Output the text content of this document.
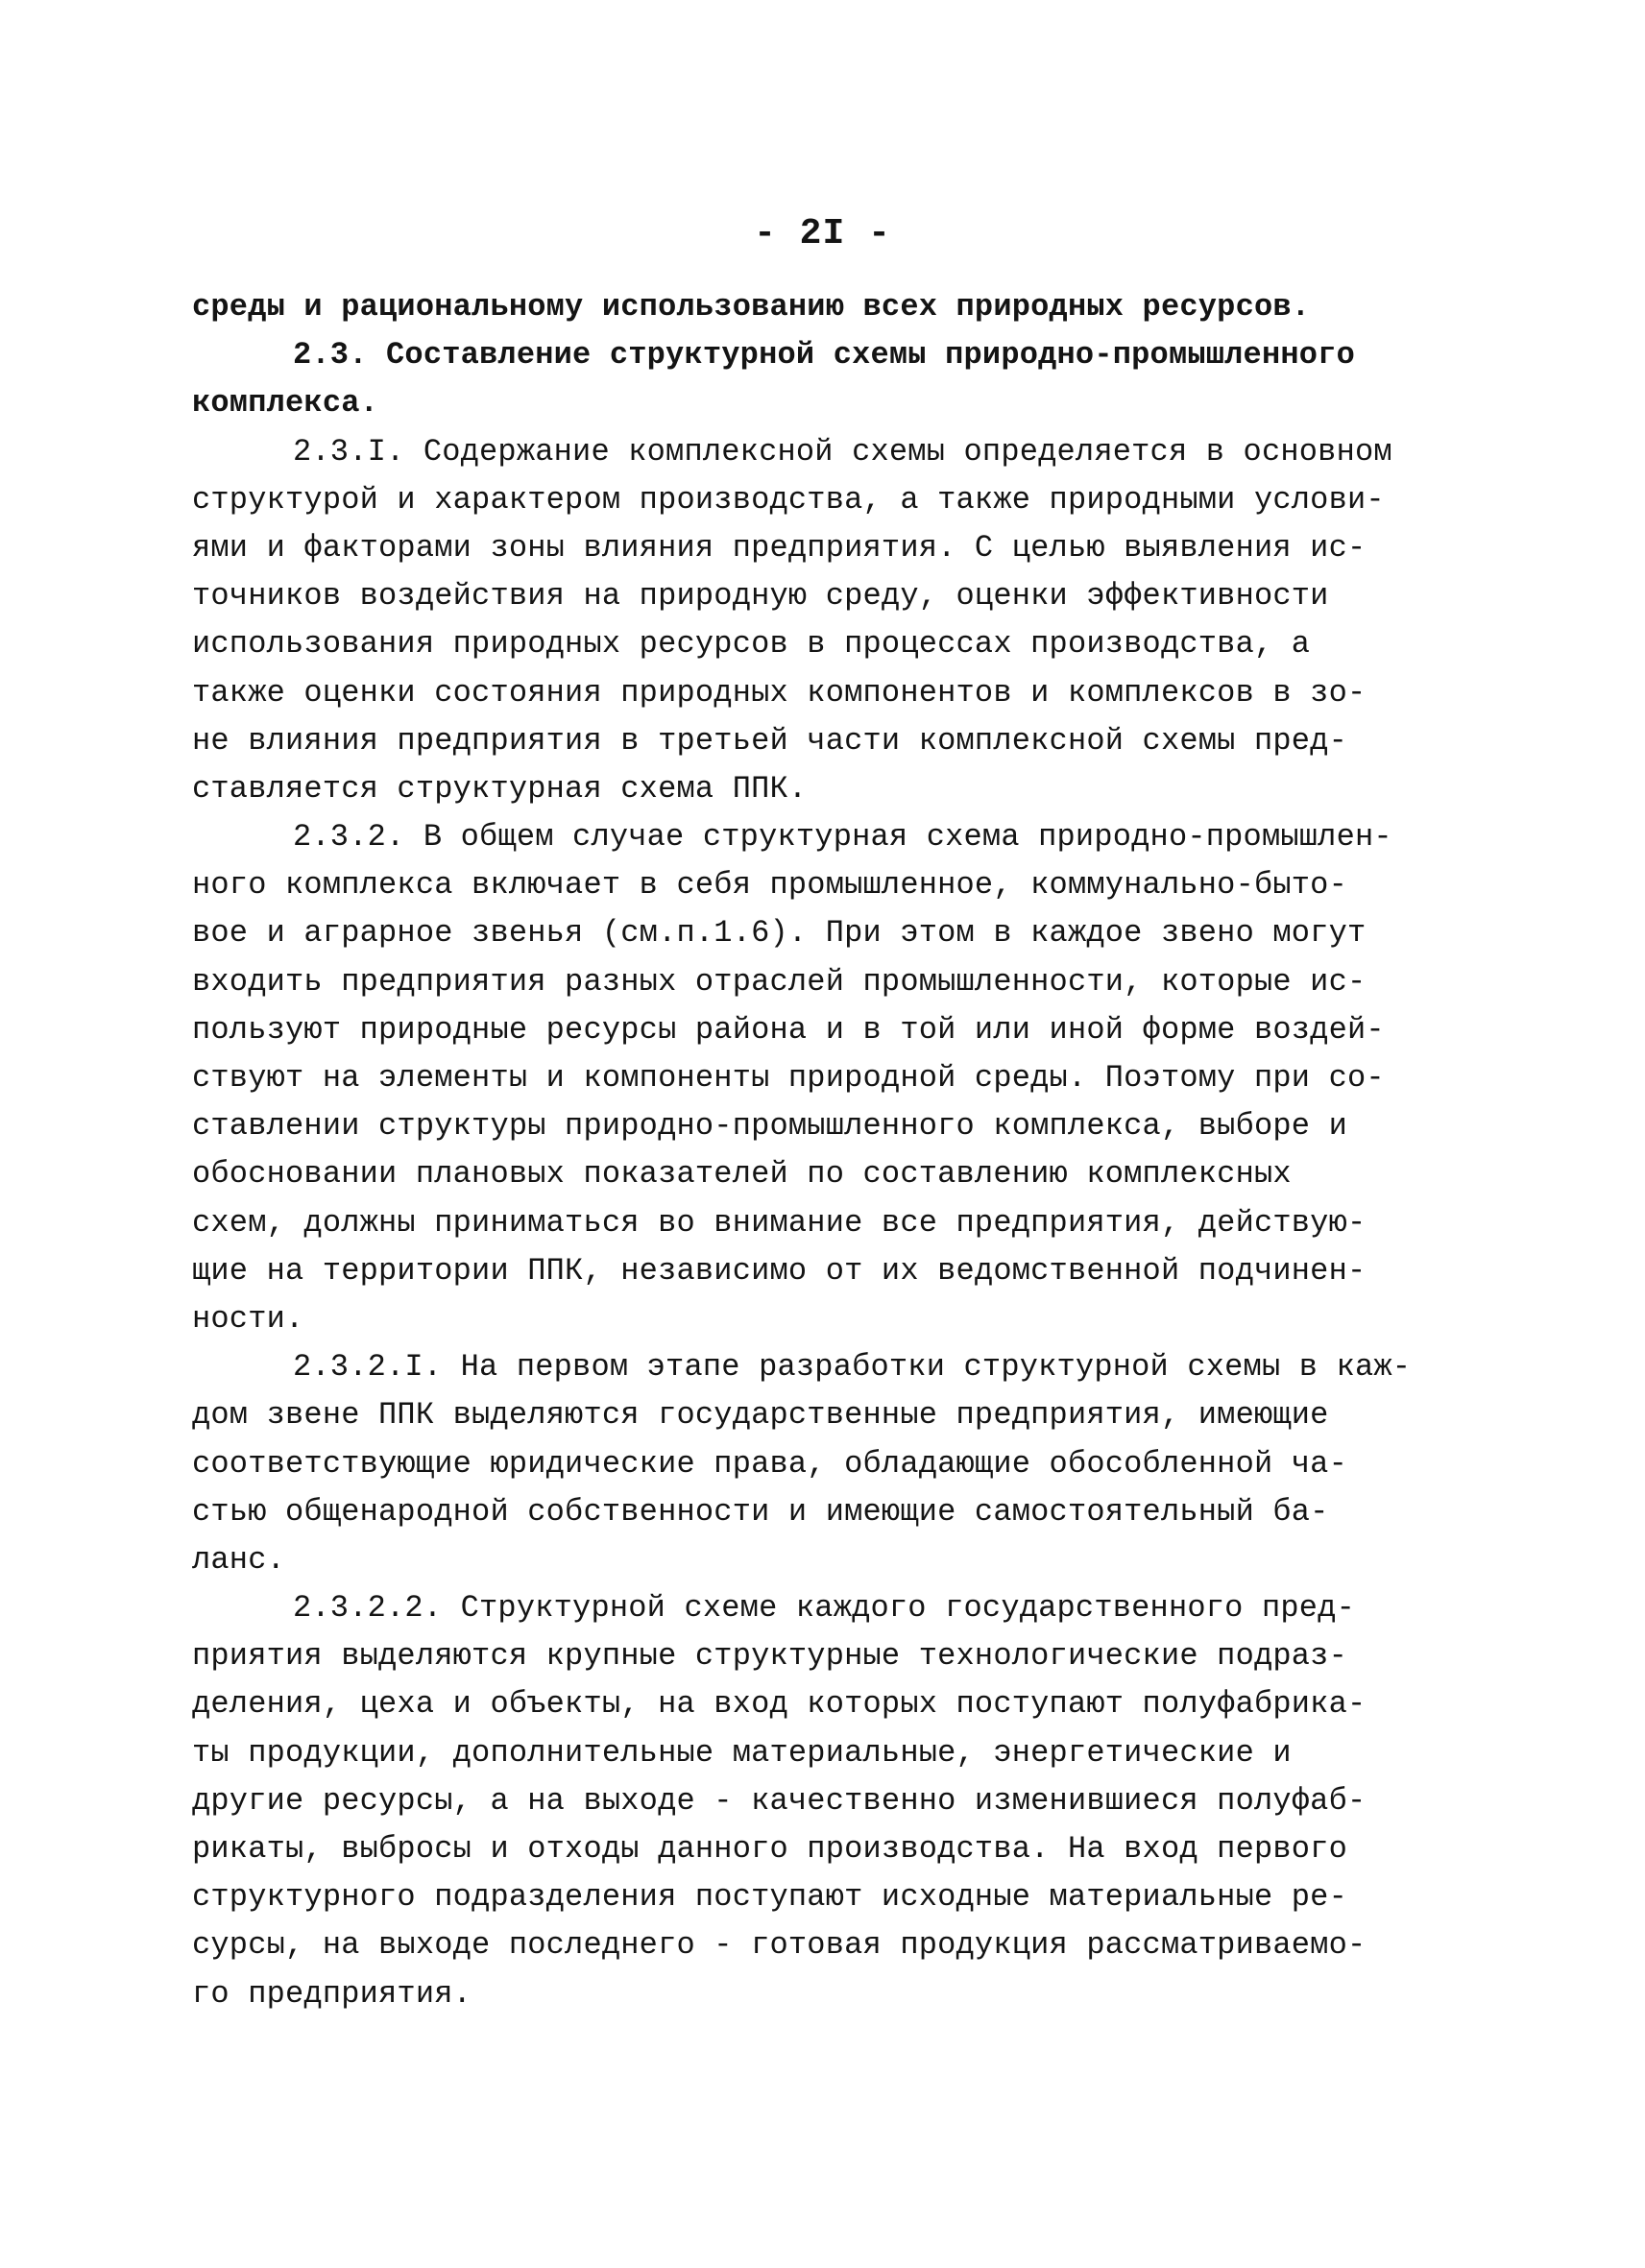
- 2I -
среды и рациональному использованию всех природных ресурсов.
2.3. Составление структурной схемы природно-промышленного
комплекса.
2.3.I. Содержание комплексной схемы определяется в основном
структурой и характером производства, а также природными услови-
ями и факторами зоны влияния предприятия. С целью выявления ис-
точников воздействия на природную среду, оценки эффективности
использования природных ресурсов в процессах производства, а
также оценки состояния природных компонентов и комплексов в зо-
не влияния предприятия в третьей части комплексной схемы пред-
ставляется структурная схема ППК.
2.3.2. В общем случае структурная схема природно-промышлен-
ного комплекса включает в себя промышленное, коммунально-быто-
вое и аграрное звенья (см.п.1.6). При этом в каждое звено могут
входить предприятия разных отраслей промышленности, которые ис-
пользуют природные ресурсы района и в той или иной форме воздей-
ствуют на элементы и компоненты природной среды. Поэтому при со-
ставлении структуры природно-промышленного комплекса, выборе и
обосновании плановых показателей по составлению комплексных
схем, должны приниматься во внимание все предприятия, действую-
щие на территории ППК, независимо от их ведомственной подчинен-
ности.
2.3.2.I. На первом этапе разработки структурной схемы в каж-
дом звене ППК выделяются государственные предприятия, имеющие
соответствующие юридические права, обладающие обособленной ча-
стью общенародной собственности и имеющие самостоятельный ба-
ланс.
2.3.2.2. Структурной схеме каждого государственного пред-
приятия выделяются крупные структурные технологические подраз-
деления, цеха и объекты, на вход которых поступают полуфабрика-
ты продукции, дополнительные материальные, энергетические и
другие ресурсы, а на выходе - качественно изменившиеся полуфаб-
рикаты, выбросы и отходы данного производства. На вход первого
структурного подразделения поступают исходные материальные ре-
сурсы, на выходе последнего - готовая продукция рассматриваемо-
го предприятия.
